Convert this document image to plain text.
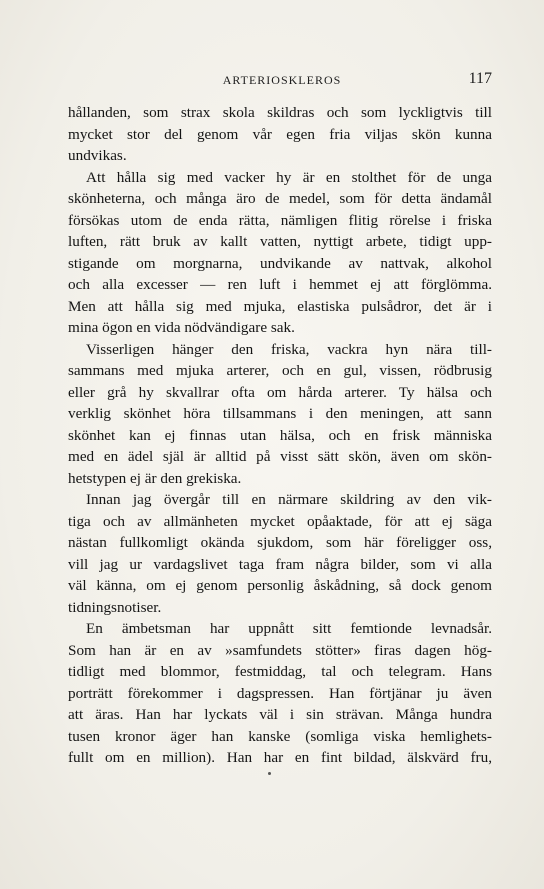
ARTERIOSKLEROS	117
hållanden, som strax skola skildras och som lyckligtvis till
mycket stor del genom vår egen fria viljas skön kunna
undvikas.
Att hålla sig med vacker hy är en stolthet för de unga
skönheterna, och många äro de medel, som för detta ändamål
försökas utom de enda rätta, nämligen flitig rörelse i friska
luften, rätt bruk av kallt vatten, nyttigt arbete, tidigt upp-
stigande om morgnarna, undvikande av nattvak, alkohol
och alla excesser — ren luft i hemmet ej att förglömma.
Men att hålla sig med mjuka, elastiska pulsådror, det är i
mina ögon en vida nödvändigare sak.
Visserligen hänger den friska, vackra hyn nära till-
sammans med mjuka arterer, och en gul, vissen, rödbrusig
eller grå hy skvallrar ofta om hårda arterer. Ty hälsa och
verklig skönhet höra tillsammans i den meningen, att sann
skönhet kan ej finnas utan hälsa, och en frisk människa
med en ädel själ är alltid på visst sätt skön, även om skön-
hetstypen ej är den grekiska.
Innan jag övergår till en närmare skildring av den vik-
tiga och av allmänheten mycket opåaktade, för att ej säga
nästan fullkomligt okända sjukdom, som här föreligger oss,
vill jag ur vardagslivet taga fram några bilder, som vi alla
väl känna, om ej genom personlig åskådning, så dock genom
tidningsnotiser.
En ämbetsman har uppnått sitt femtionde levnadsår.
Som han är en av »samfundets stötter» firas dagen hög-
tidligt med blommor, festmiddag, tal och telegram. Hans
porträtt förekommer i dagspressen. Han förtjänar ju även
att äras. Han har lyckats väl i sin strävan. Många hundra
tusen kronor äger han kanske (somliga viska hemlighets-
fullt om en million). Han har en fint bildad, älskvärd fru,
